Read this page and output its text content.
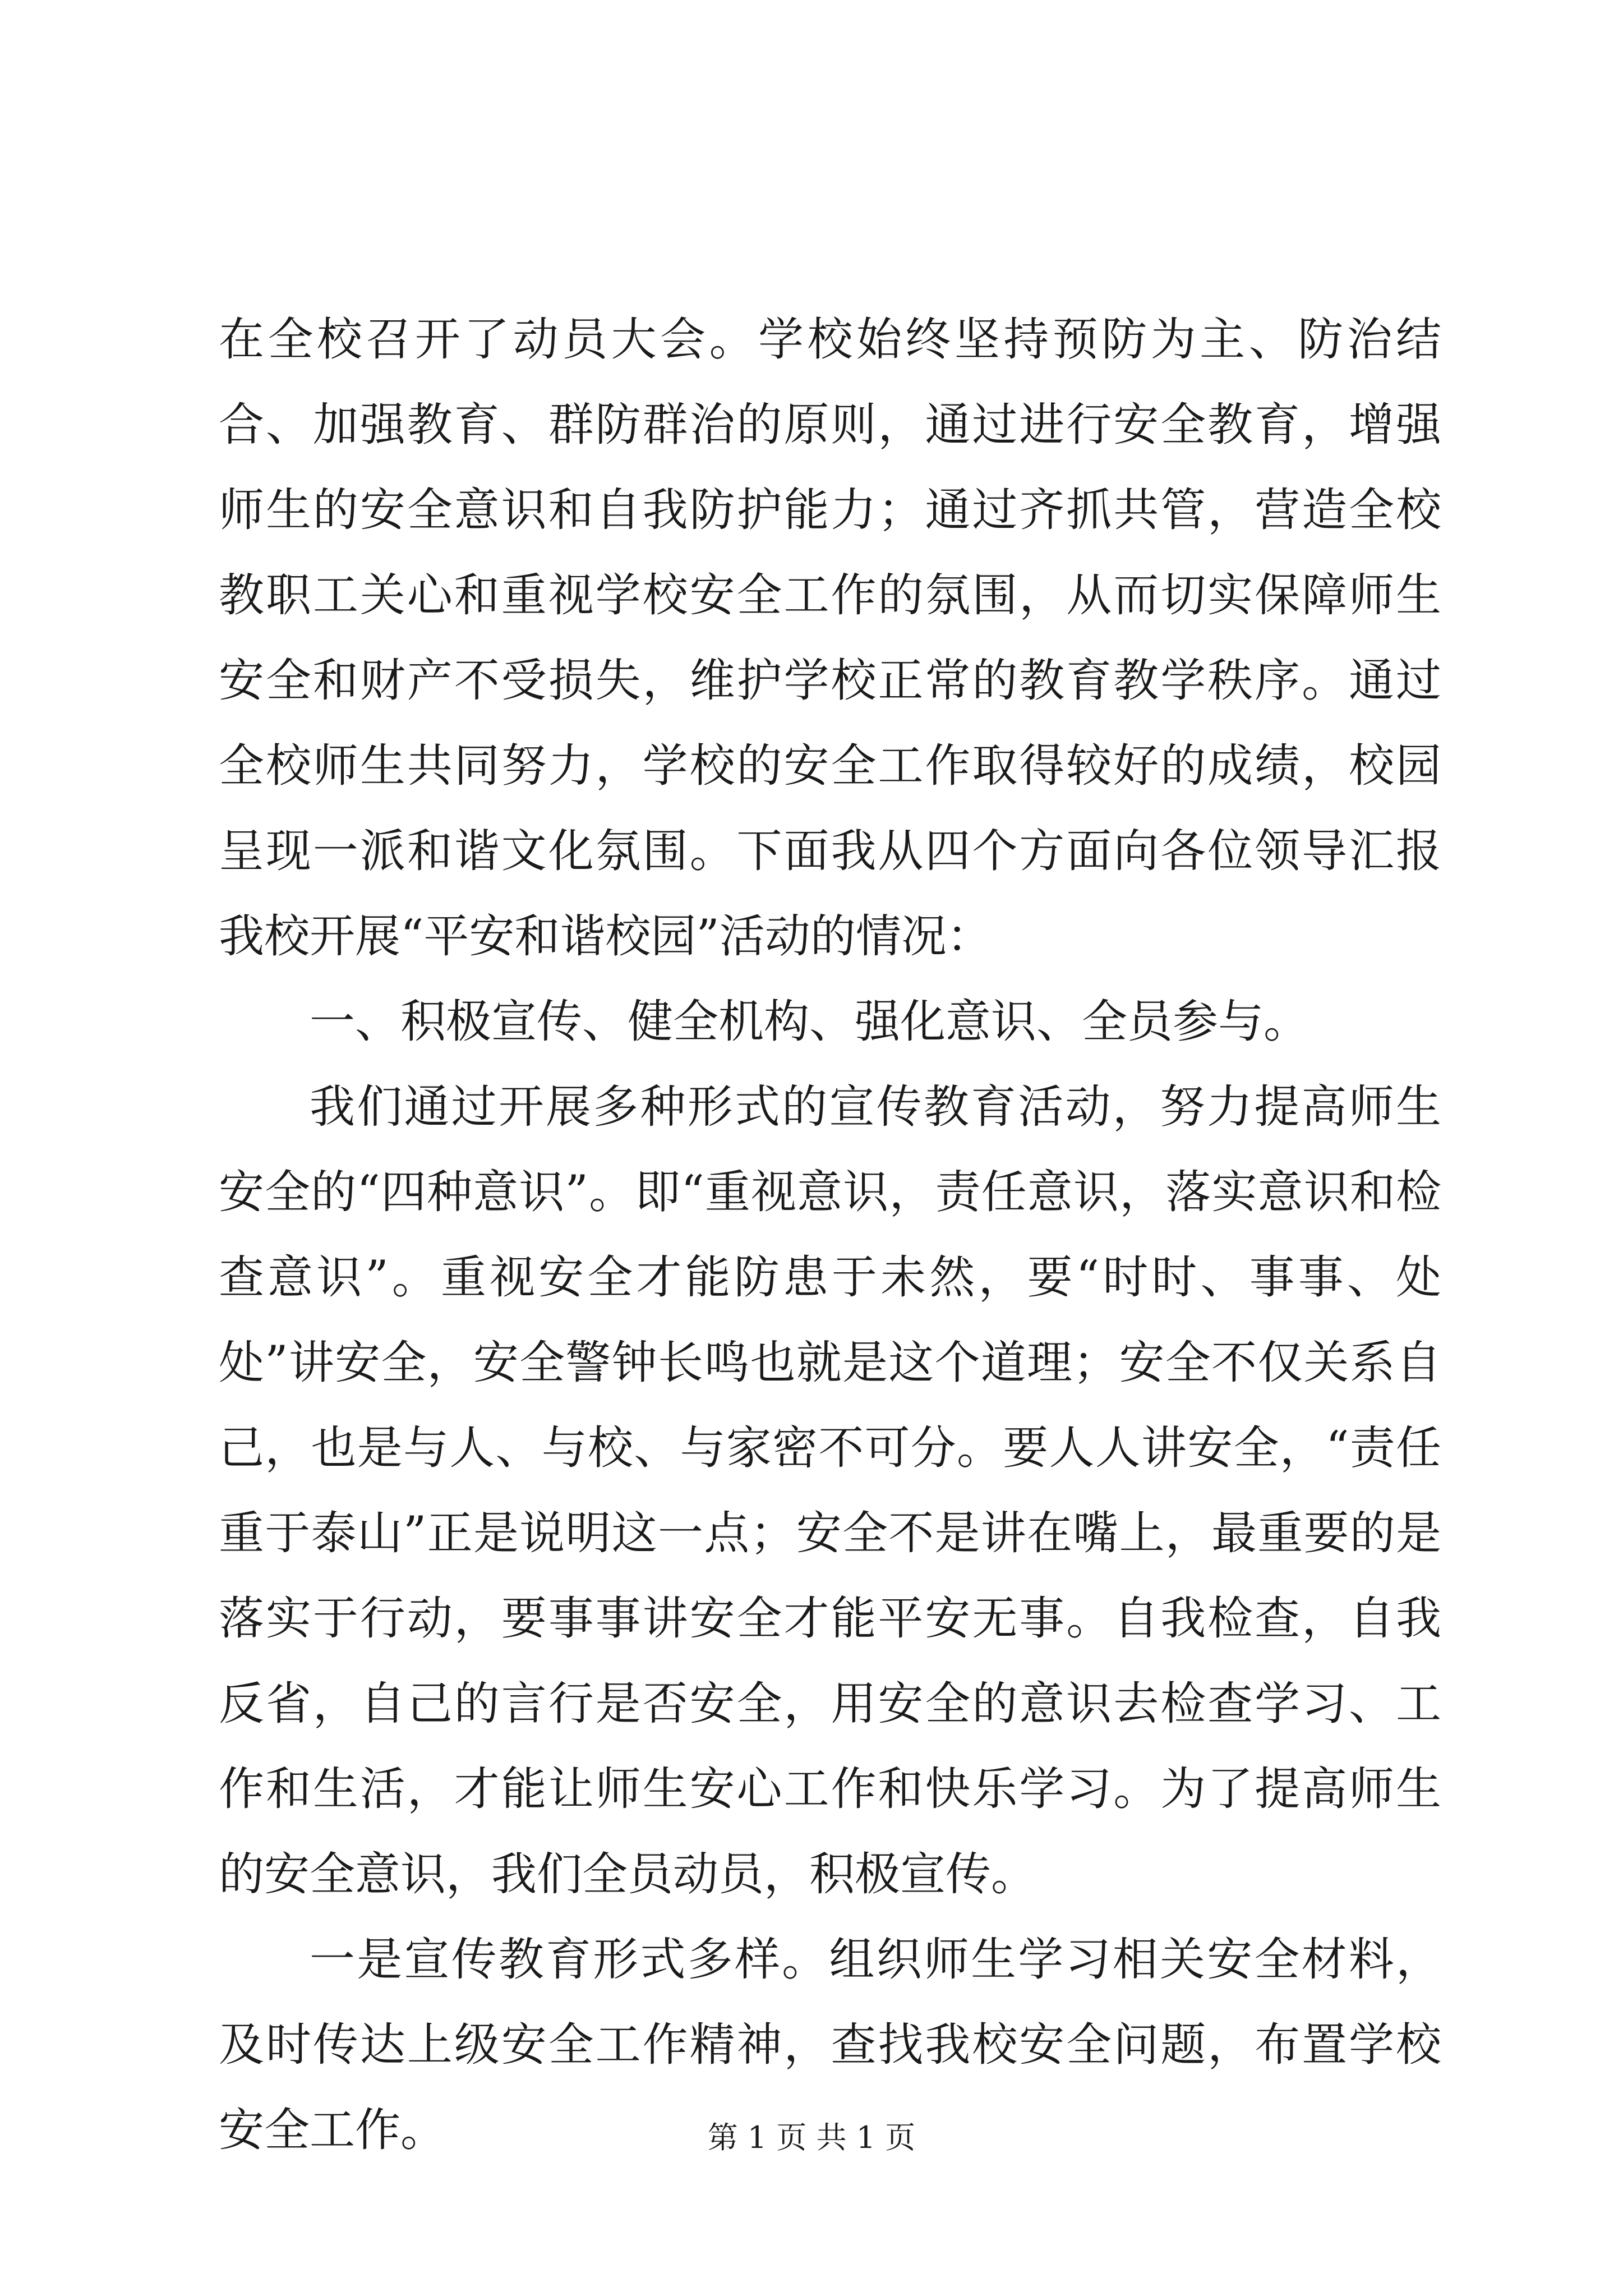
在全校召开了动员大会。学校始终坚持预防为主、防治结合、加强教育、群防群治的原则，通过进行安全教育，增强师生的安全意识和自我防护能力；通过齐抓共管，营造全校教职工关心和重视学校安全工作的氛围，从而切实保障师生安全和财产不受损失，维护学校正常的教育教学秩序。通过全校师生共同努力，学校的安全工作取得较好的成绩，校园呈现一派和谐文化氛围。下面我从四个方面向各位领导汇报我校开展“平安和谐校园”活动的情况：

一、积极宣传、健全机构、强化意识、全员参与。

我们通过开展多种形式的宣传教育活动，努力提高师生安全的“四种意识”。即“重视意识，责任意识，落实意识和检查意识”。重视安全才能防患于未然，要“时时、事事、处处”讲安全，安全警钟长鸣也就是这个道理；安全不仅关系自己，也是与人、与校、与家密不可分。要人人讲安全，“责任重于泰山”正是说明这一点；安全不是讲在嘴上，最重要的是落实于行动，要事事讲安全才能平安无事。自我检查，自我反省，自己的言行是否安全，用安全的意识去检查学习、工作和生活，才能让师生安心工作和快乐学习。为了提高师生的安全意识，我们全员动员，积极宣传。

一是宣传教育形式多样。组织师生学习相关安全材料，及时传达上级安全工作精神，查找我校安全问题，布置学校安全工作。	第 1 页 共 1 页
